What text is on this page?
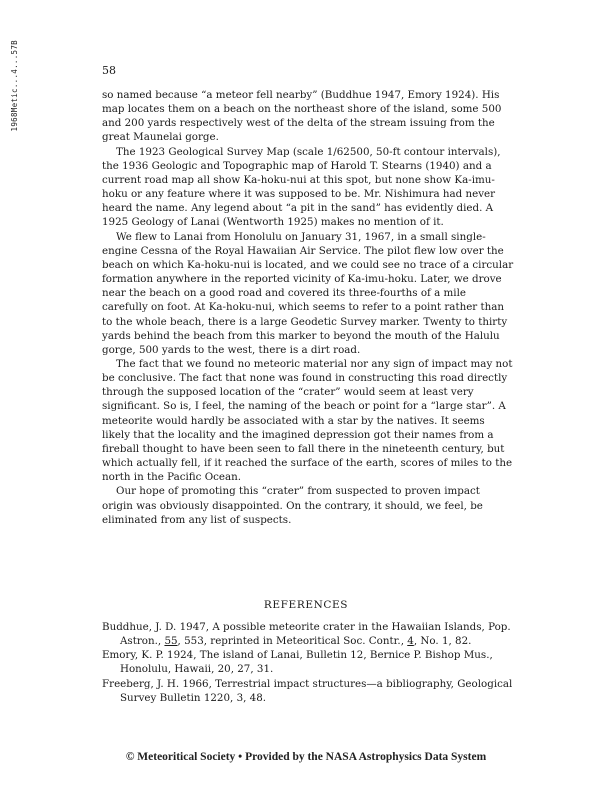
1968Metic...4...57B	58

so named because “a meteor fell nearby” (Buddhue 1947, Emory 1924). His map locates them on a beach on the northeast shore of the island, some 500 and 200 yards respectively west of the delta of the stream issuing from the great Maunelai gorge.

The 1923 Geological Survey Map (scale 1/62500, 50-ft contour intervals), the 1936 Geologic and Topographic map of Harold T. Stearns (1940) and a current road map all show Ka-hoku-nui at this spot, but none show Ka-imu-hoku or any feature where it was supposed to be. Mr. Nishimura had never heard the name. Any legend about “a pit in the sand” has evidently died. A 1925 Geology of Lanai (Wentworth 1925) makes no mention of it.

We flew to Lanai from Honolulu on January 31, 1967, in a small single-engine Cessna of the Royal Hawaiian Air Service. The pilot flew low over the beach on which Ka-hoku-nui is located, and we could see no trace of a circular formation anywhere in the reported vicinity of Ka-imu-hoku. Later, we drove near the beach on a good road and covered its three-fourths of a mile carefully on foot. At Ka-hoku-nui, which seems to refer to a point rather than to the whole beach, there is a large Geodetic Survey marker. Twenty to thirty yards behind the beach from this marker to beyond the mouth of the Halulu gorge, 500 yards to the west, there is a dirt road.

The fact that we found no meteoric material nor any sign of impact may not be conclusive. The fact that none was found in constructing this road directly through the supposed location of the “crater” would seem at least very significant. So is, I feel, the naming of the beach or point for a “large star”. A meteorite would hardly be associated with a star by the natives. It seems likely that the locality and the imagined depression got their names from a fireball thought to have been seen to fall there in the nineteenth century, but which actually fell, if it reached the surface of the earth, scores of miles to the north in the Pacific Ocean.

Our hope of promoting this “crater” from suspected to proven impact origin was obviously disappointed. On the contrary, it should, we feel, be eliminated from any list of suspects.

REFERENCES

Buddhue, J. D. 1947, A possible meteorite crater in the Hawaiian Islands, Pop. Astron., 55, 553, reprinted in Meteoritical Soc. Contr., 4, No. 1, 82.

Emory, K. P. 1924, The island of Lanai, Bulletin 12, Bernice P. Bishop Mus., Honolulu, Hawaii, 20, 27, 31.

Freeberg, J. H. 1966, Terrestrial impact structures—a bibliography, Geological Survey Bulletin 1220, 3, 48.

© Meteoritical Society • Provided by the NASA Astrophysics Data System
